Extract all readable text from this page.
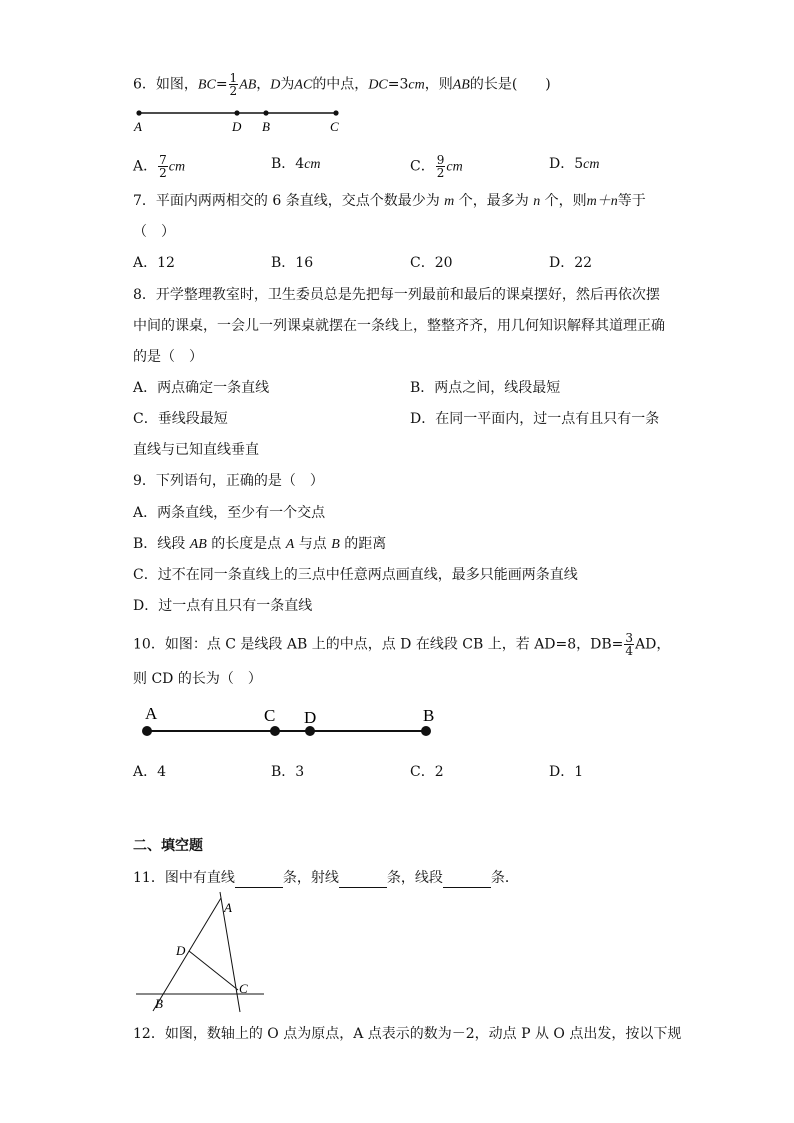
6．如图，$BC= \frac{1}{2}$ AB，D为AC的中点，DC=3cm，则AB的长是(　　)
A	D B	C
A． $\frac{7}{2}$ cm	B．4cm	C． $\frac{9}{2}$ cm	D．5cm
7．平面内两两相交的 6 条直线，交点个数最少为 m 个，最多为 n 个，则m＋n等于
（　）
A．12	B．16	C．20	D．22
8．开学整理教室时，卫生委员总是先把每一列最前和最后的课桌摆好，然后再依次摆
中间的课桌，一会儿一列课桌就摆在一条线上，整整齐齐，用几何知识解释其道理正确
的是（　）
A．两点确定一条直线	B．两点之间，线段最短
C．垂线段最短	D．在同一平面内，过一点有且只有一条
直线与已知直线垂直
9．下列语句，正确的是（　）
A．两条直线，至少有一个交点
B．线段 AB 的长度是点 A 与点 B 的距离
C．过不在同一条直线上的三点中任意两点画直线，最多只能画两条直线
D．过一点有且只有一条直线
10．如图：点 C 是线段 AB 上的中点，点 D 在线段 CB 上，若 AD=8，$DB= \frac{3}{4}$ AD，
则 CD 的长为（　）
A	C D	B
A．4	B．3	C．2	D．1
二、填空题
11．图中有直线	条，射线	条，线段	条．
A
D
B
C
12．如图，数轴上的 O 点为原点，A 点表示的数为－2，动点 P 从 O 点出发，按以下规
